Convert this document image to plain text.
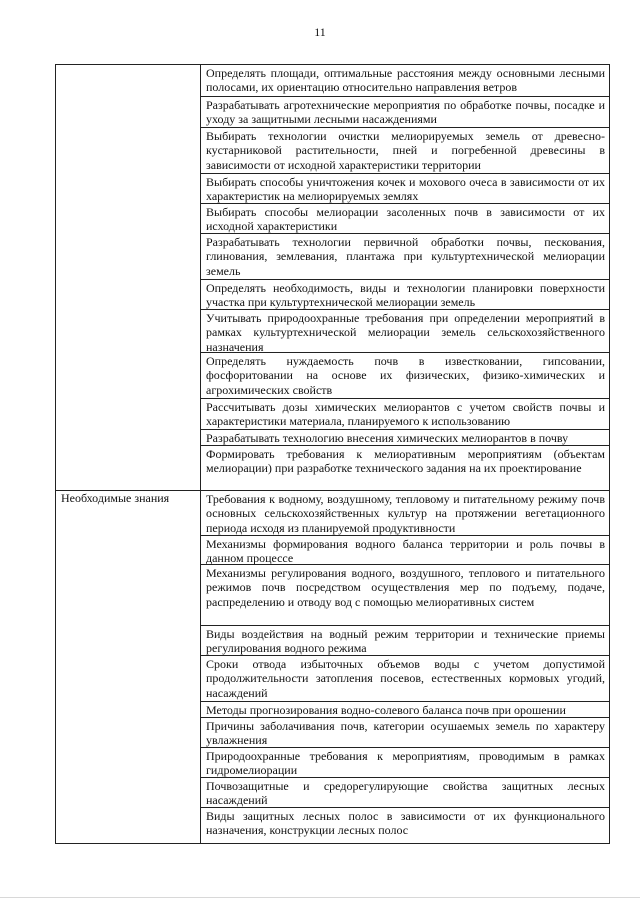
11
Необходимые знания
Определять площади, оптимальные расстояния между основными лесными полосами, их ориентацию относительно направления ветров
Разрабатывать агротехнические мероприятия по обработке почвы, посадке и уходу за защитными лесными насаждениями
Выбирать технологии очистки мелиорируемых земель от древесно-кустарниковой растительности, пней и погребенной древесины в зависимости от исходной характеристики территории
Выбирать способы уничтожения кочек и мохового очеса в зависимости от их характеристик на мелиорируемых землях
Выбирать способы мелиорации засоленных почв в зависимости от их исходной характеристики
Разрабатывать технологии первичной обработки почвы, пескования, глинования, землевания, плантажа при культуртехнической мелиорации земель
Определять необходимость, виды и технологии планировки поверхности участка при культуртехнической мелиорации земель
Учитывать природоохранные требования при определении мероприятий в рамках культуртехнической мелиорации земель сельскохозяйственного назначения
Определять нуждаемость почв в известковании, гипсовании, фосфоритовании на основе их физических, физико-химических и агрохимических свойств
Рассчитывать дозы химических мелиорантов с учетом свойств почвы и характеристики материала, планируемого к использованию
Разрабатывать технологию внесения химических мелиорантов в почву
Формировать требования к мелиоративным мероприятиям (объектам мелиорации) при разработке технического задания на их проектирование
Требования к водному, воздушному, тепловому и питательному режиму почв основных сельскохозяйственных культур на протяжении вегетационного периода исходя из планируемой продуктивности
Механизмы формирования водного баланса территории и роль почвы в данном процессе
Механизмы регулирования водного, воздушного, теплового и питательного режимов почв посредством осуществления мер по подъему, подаче, распределению и отводу вод с помощью мелиоративных систем
Виды воздействия на водный режим территории и технические приемы регулирования водного режима
Сроки отвода избыточных объемов воды с учетом допустимой продолжительности затопления посевов, естественных кормовых угодий, насаждений
Методы прогнозирования водно-солевого баланса почв при орошении
Причины заболачивания почв, категории осушаемых земель по характеру увлажнения
Природоохранные требования к мероприятиям, проводимым в рамках гидромелиорации
Почвозащитные и средорегулирующие свойства защитных лесных насаждений
Виды защитных лесных полос в зависимости от их функционального назначения, конструкции лесных полос
